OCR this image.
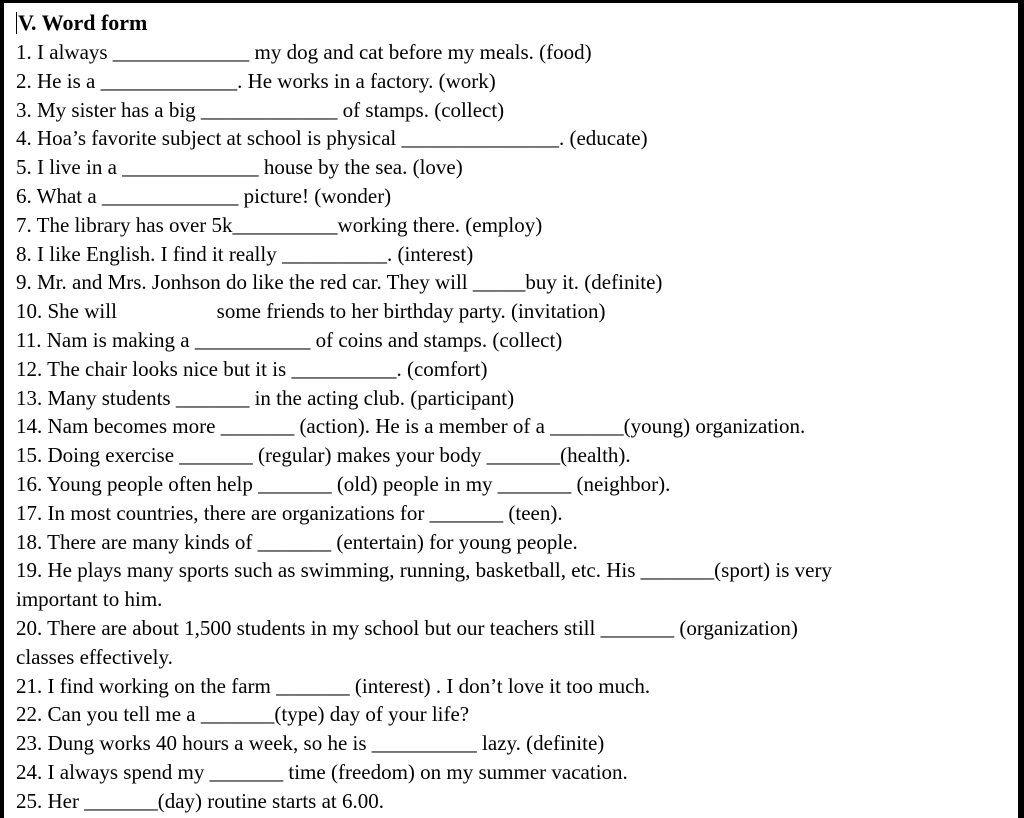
V. Word form
1. I always _____________ my dog and cat before my meals. (food)
2. He is a _____________. He works in a factory. (work)
3. My sister has a big _____________ of stamps. (collect)
4. Hoa’s favorite subject at school is physical _______________. (educate)
5. I live in a _____________ house by the sea. (love)
6. What a _____________ picture! (wonder)
7. The library has over 5k__________working there. (employ)
8. I like English. I find it really __________. (interest)
9. Mr. and Mrs. Jonhson do like the red car. They will _____buy it. (definite)
10. She will                   some friends to her birthday party. (invitation)
11. Nam is making a ___________ of coins and stamps. (collect)
12. The chair looks nice but it is __________. (comfort)
13. Many students _______ in the acting club. (participant)
14. Nam becomes more _______ (action). He is a member of a _______(young) organization.
15. Doing exercise _______ (regular) makes your body _______(health).
16. Young people often help _______ (old) people in my _______ (neighbor).
17. In most countries, there are organizations for _______ (teen).
18. There are many kinds of _______ (entertain) for young people.
19. He plays many sports such as swimming, running, basketball, etc. His _______(sport) is very
important to him.
20. There are about 1,500 students in my school but our teachers still _______ (organization)
classes effectively.
21. I find working on the farm _______ (interest) . I don’t love it too much.
22. Can you tell me a _______(type) day of your life?
23. Dung works 40 hours a week, so he is __________ lazy. (definite)
24. I always spend my _______ time (freedom) on my summer vacation.
25. Her _______(day) routine starts at 6.00.
